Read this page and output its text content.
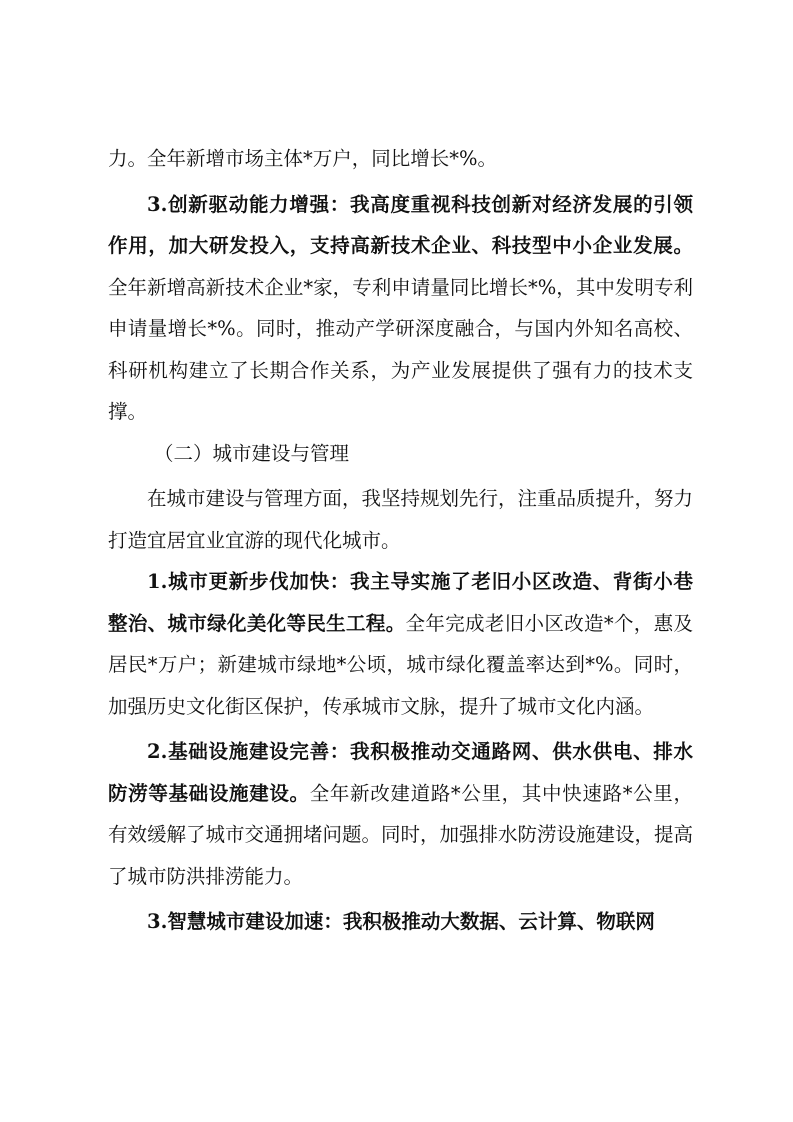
力。全年新增市场主体*万户，同比增长*%。

3.创新驱动能力增强：我高度重视科技创新对经济发展的引领作用，加大研发投入，支持高新技术企业、科技型中小企业发展。全年新增高新技术企业*家，专利申请量同比增长*%，其中发明专利申请量增长*%。同时，推动产学研深度融合，与国内外知名高校、科研机构建立了长期合作关系，为产业发展提供了强有力的技术支撑。

（二）城市建设与管理

在城市建设与管理方面，我坚持规划先行，注重品质提升，努力打造宜居宜业宜游的现代化城市。

1.城市更新步伐加快：我主导实施了老旧小区改造、背街小巷整治、城市绿化美化等民生工程。全年完成老旧小区改造*个，惠及居民*万户；新建城市绿地*公顷，城市绿化覆盖率达到*%。同时，加强历史文化街区保护，传承城市文脉，提升了城市文化内涵。

2.基础设施建设完善：我积极推动交通路网、供水供电、排水防涝等基础设施建设。全年新改建道路*公里，其中快速路*公里，有效缓解了城市交通拥堵问题。同时，加强排水防涝设施建设，提高了城市防洪排涝能力。

3.智慧城市建设加速：我积极推动大数据、云计算、物联网
